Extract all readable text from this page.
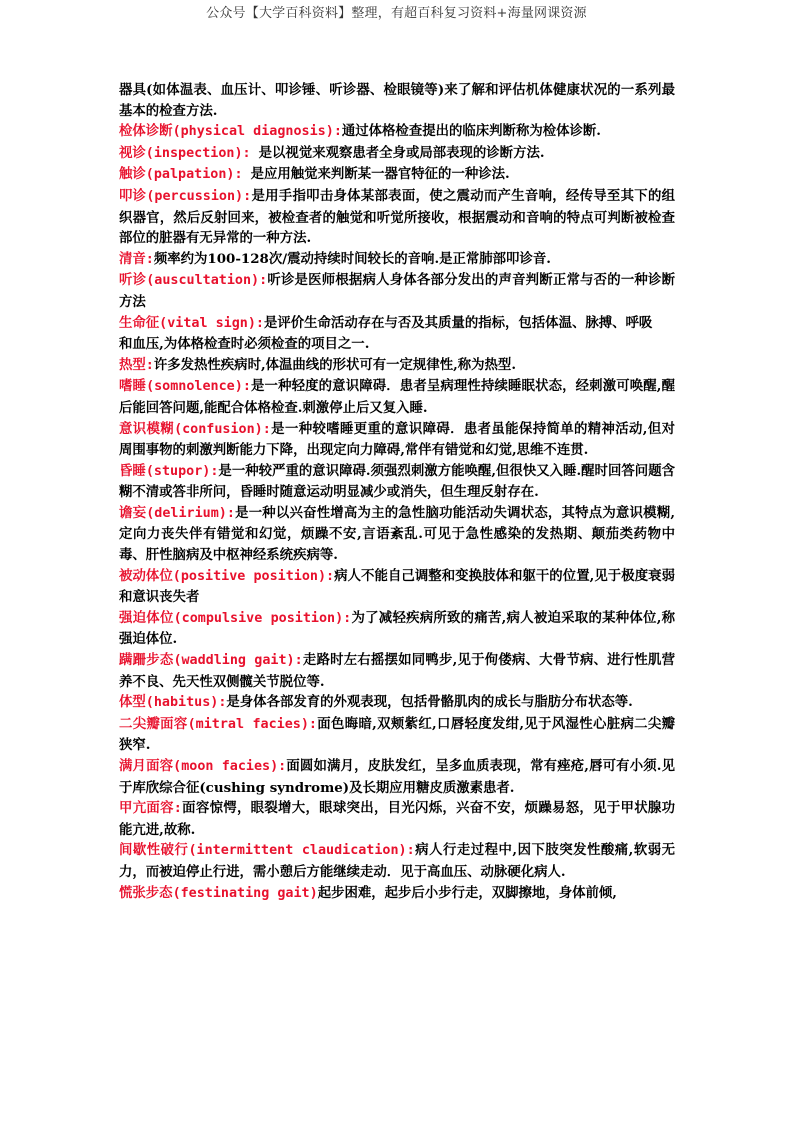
公众号【大学百科资料】整理，有超百科复习资料+海量网课资源

器具(如体温表、血压计、叩诊锤、听诊器、检眼镜等)来了解和评估机体健康状况的一系列最基本的检查方法.

检体诊断(physical diagnosis):通过体格检查提出的临床判断称为检体诊断.

视诊(inspection): 是以视觉来观察患者全身或局部表现的诊断方法.

触诊(palpation): 是应用触觉来判断某一器官特征的一种诊法.

叩诊(percussion):是用手指叩击身体某部表面，使之震动而产生音响，经传导至其下的组织器官，然后反射回来，被检查者的触觉和听觉所接收，根据震动和音响的特点可判断被检查部位的脏器有无异常的一种方法.

清音:频率约为100-128次/震动持续时间较长的音响.是正常肺部叩诊音.

听诊(auscultation):听诊是医师根据病人身体各部分发出的声音判断正常与否的一种诊断方法

生命征(vital sign):是评价生命活动存在与否及其质量的指标，包括体温、脉搏、呼吸

和血压,为体格检查时必须检查的项目之一.

热型:许多发热性疾病时,体温曲线的形状可有一定规律性,称为热型.

嗜睡(somnolence):是一种轻度的意识障碍．患者呈病理性持续睡眠状态，经刺激可唤醒,醒后能回答问题,能配合体格检查.刺激停止后又复入睡.

意识模糊(confusion):是一种较嗜睡更重的意识障碍．患者虽能保持简单的精神活动,但对周围事物的刺激判断能力下降，出现定向力障碍,常伴有错觉和幻觉,思维不连贯.

昏睡(stupor):是一种较严重的意识障碍.须强烈刺激方能唤醒,但很快又入睡.醒时回答问题含糊不清或答非所问，昏睡时随意运动明显减少或消失，但生理反射存在.

谵妄(delirium):是一种以兴奋性增高为主的急性脑功能活动失调状态，其特点为意识模糊,定向力丧失伴有错觉和幻觉，烦躁不安,言语紊乱.可见于急性感染的发热期、颠茄类药物中毒、肝性脑病及中枢神经系统疾病等.

被动体位(positive position):病人不能自己调整和变换肢体和躯干的位置,见于极度衰弱和意识丧失者

强迫体位(compulsive position):为了减轻疾病所致的痛苦,病人被迫采取的某种体位,称强迫体位.

蹒跚步态(waddling gait):走路时左右摇摆如同鸭步,见于佝偻病、大骨节病、进行性肌营养不良、先天性双侧髋关节脱位等.

体型(habitus):是身体各部发育的外观表现，包括骨骼肌肉的成长与脂肪分布状态等.

二尖瓣面容(mitral facies):面色晦暗,双颊紫红,口唇轻度发绀,见于风湿性心脏病二尖瓣狭窄.

满月面容(moon facies):面圆如满月，皮肤发红，呈多血质表现，常有痤疮,唇可有小须.见于库欣综合征(cushing syndrome)及长期应用糖皮质激素患者.

甲亢面容:面容惊愕，眼裂增大，眼球突出，目光闪烁，兴奋不安，烦躁易怒，见于甲状腺功能亢进,故称.

间歇性破行(intermittent claudication):病人行走过程中,因下肢突发性酸痛,软弱无力，而被迫停止行进，需小憩后方能继续走动．见于高血压、动脉硬化病人.

慌张步态(festinating gait)起步困难，起步后小步行走，双脚擦地，身体前倾,
